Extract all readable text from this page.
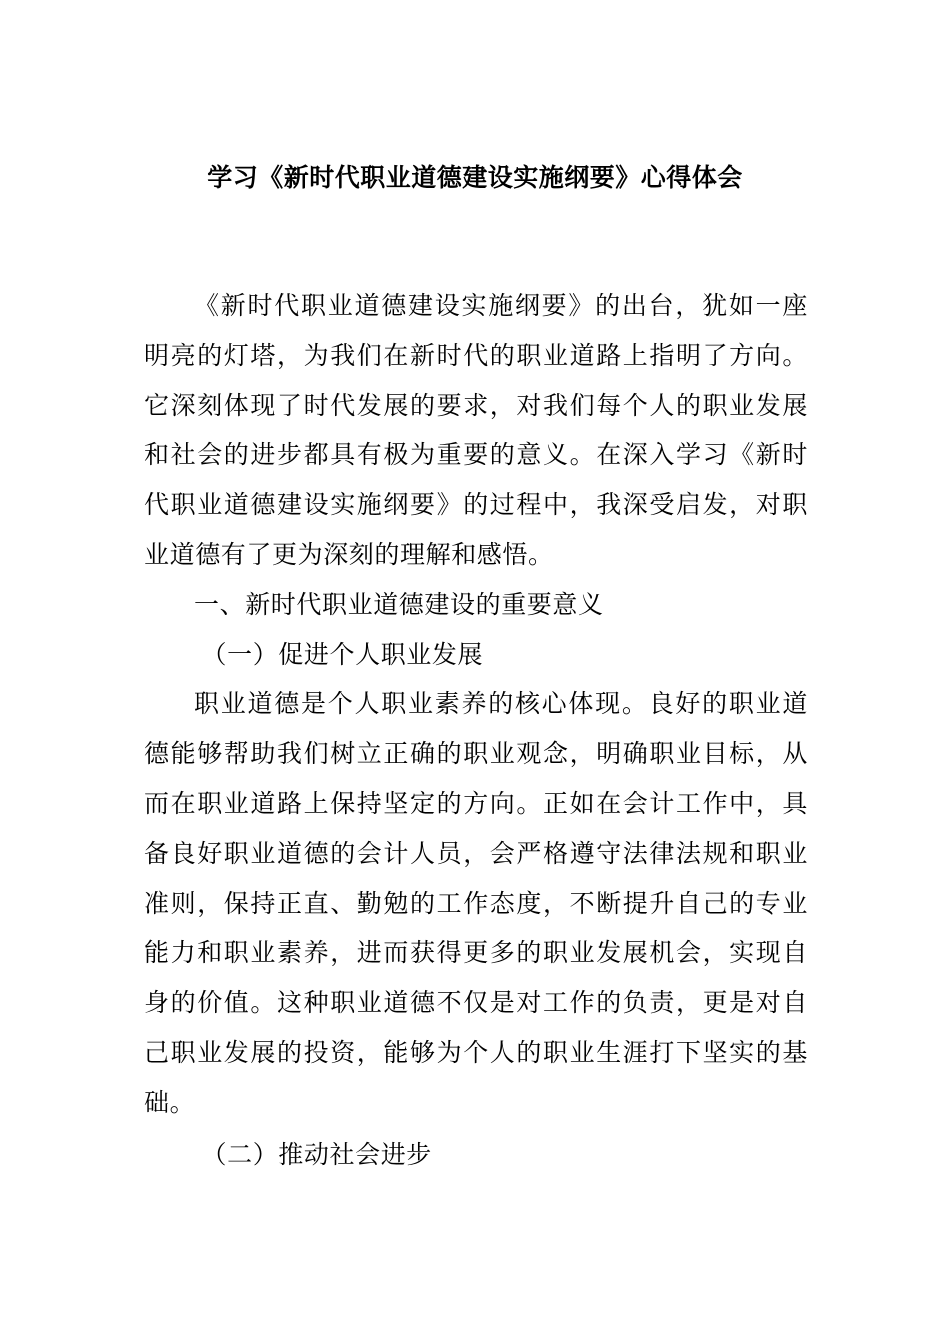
学习《新时代职业道德建设实施纲要》心得体会

《新时代职业道德建设实施纲要》的出台，犹如一座明亮的灯塔，为我们在新时代的职业道路上指明了方向。它深刻体现了时代发展的要求，对我们每个人的职业发展和社会的进步都具有极为重要的意义。在深入学习《新时代职业道德建设实施纲要》的过程中，我深受启发，对职业道德有了更为深刻的理解和感悟。

一、新时代职业道德建设的重要意义

（一）促进个人职业发展

职业道德是个人职业素养的核心体现。良好的职业道德能够帮助我们树立正确的职业观念，明确职业目标，从而在职业道路上保持坚定的方向。正如在会计工作中，具备良好职业道德的会计人员，会严格遵守法律法规和职业准则，保持正直、勤勉的工作态度，不断提升自己的专业能力和职业素养，进而获得更多的职业发展机会，实现自身的价值。这种职业道德不仅是对工作的负责，更是对自己职业发展的投资，能够为个人的职业生涯打下坚实的基础。

（二）推动社会进步
